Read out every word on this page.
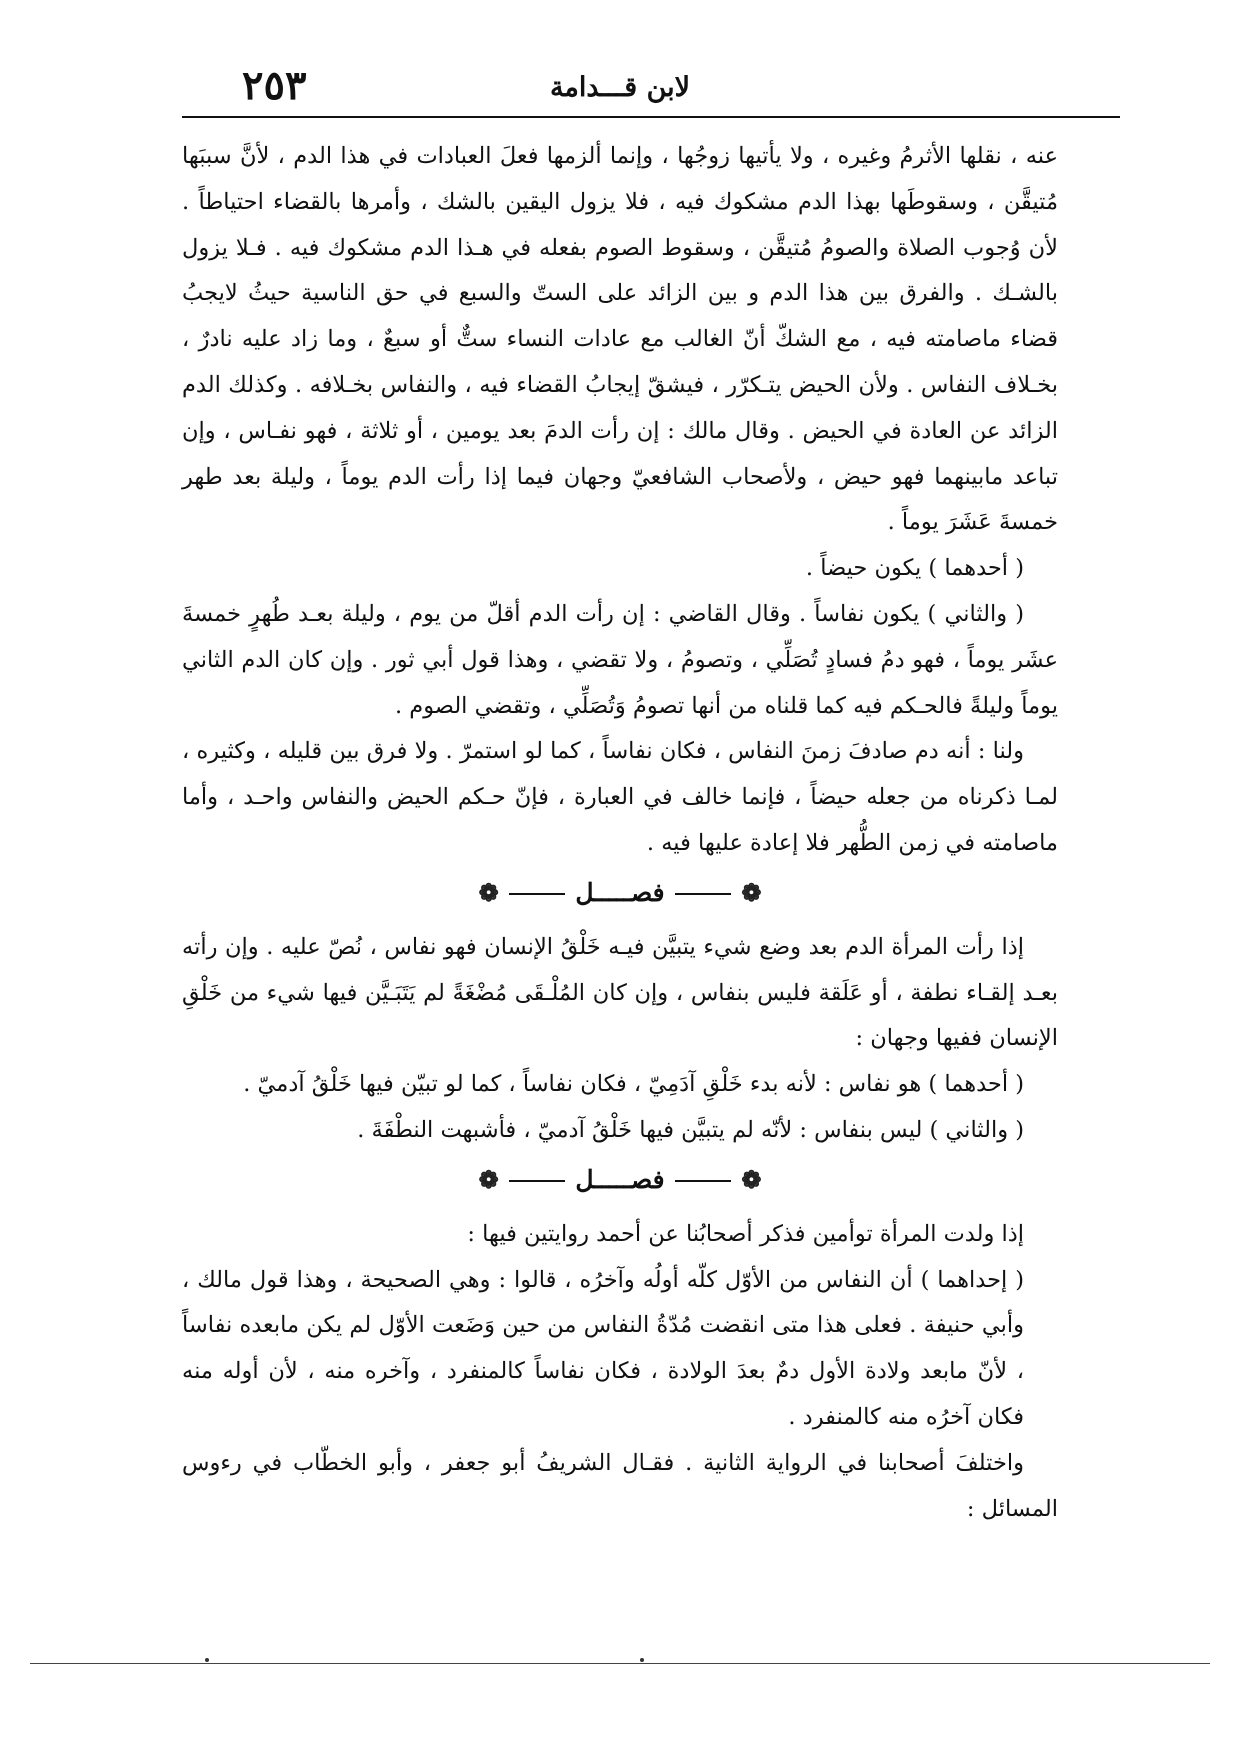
لابن قـــدامة
٢٥٣

عنه ، نقلها الأثرمُ وغيره ، ولا يأتيها زوجُها ، وإنما ألزمها فعلَ العبادات في هذا الدم ، لأنَّ سببَها مُتيقَّن ، وسقوطَها بهذا الدم مشكوك فيه ، فلا يزول اليقين بالشك ، وأمرها بالقضاء احتياطاً . لأن وُجوب الصلاة والصومُ مُتيقَّن ، وسقوط الصوم بفعله في هـذا الدم مشكوك فيه . فـلا يزول بالشـك . والفرق بين هذا الدم و بين الزائد على الستّ والسبع في حق الناسية حيثُ لايجبُ قضاء ماصامته فيه ، مع الشكّ أنّ الغالب مع عادات النساء ستٌّ أو سبعٌ ، وما زاد عليه نادرٌ ، بخـلاف النفاس . ولأن الحيض يتـكرّر ، فيشقّ إيجابُ القضاء فيه ، والنفاس بخـلافه . وكذلك الدم الزائد عن العادة في الحيض . وقال مالك : إن رأت الدمَ بعد يومين ، أو ثلاثة ، فهو نفـاس ، وإن تباعد مابينهما فهو حيض ، ولأصحاب الشافعيّ وجهان فيما إذا رأت الدم يوماً ، وليلة بعد طهر خمسةَ عَشَرَ يوماً .

( أحدهما ) يكون حيضاً .

( والثاني ) يكون نفاساً . وقال القاضي : إن رأت الدم أقلّ من يوم ، وليلة بعـد طُهرٍ خمسةَ عشَر يوماً ، فهو دمُ فسادٍ تُصَلِّي ، وتصومُ ، ولا تقضي ، وهذا قول أبي ثور . وإن كان الدم الثاني يوماً وليلةً فالحـكم فيه كما قلناه من أنها تصومُ وَتُصَلِّي ، وتقضي الصوم .

ولنا : أنه دم صادفَ زمنَ النفاس ، فكان نفاساً ، كما لو استمرّ . ولا فرق بين قليله ، وكثيره ، لمـا ذكرناه من جعله حيضاً ، فإنما خالف في العبارة ، فإنّ حـكم الحيض والنفاس واحـد ، وأما ماصامته في زمن الطُّهر فلا إعادة عليها فيه .

❁ فصـــــل ❁

إذا رأت المرأة الدم بعد وضع شيء يتبيَّن فيـه خَلْقُ الإنسان فهو نفاس ، نُصّ عليه . وإن رأته بعـد إلقـاء نطفة ، أو عَلَقة فليس بنفاس ، وإن كان المُلْـقَى مُضْغَةً لم يَتَبَـيَّن فيها شيء من خَلْقِ الإنسان ففيها وجهان :

( أحدهما ) هو نفاس : لأنه بدء خَلْقِ آدَمِيّ ، فكان نفاساً ، كما لو تبيّن فيها خَلْقُ آدميّ .

( والثاني ) ليس بنفاس : لأنّه لم يتبيَّن فيها خَلْقُ آدميّ ، فأشبهت النطْفَةَ .

❁ فصـــــل ❁

إذا ولدت المرأة توأمين فذكر أصحابُنا عن أحمد روايتين فيها :

( إحداهما ) أن النفاس من الأوّل كلّه أولُه وآخرُه ، قالوا : وهي الصحيحة ، وهذا قول مالك ، وأبي حنيفة . فعلى هذا متى انقضت مُدّةُ النفاس من حين وَضَعت الأوّل لم يكن مابعده نفاساً ، لأنّ مابعد ولادة الأول دمٌ بعدَ الولادة ، فكان نفاساً كالمنفرد ، وآخره منه ، لأن أوله منه فكان آخرُه منه كالمنفرد .

واختلفَ أصحابنا في الرواية الثانية . فقـال الشريفُ أبو جعفر ، وأبو الخطّاب في رءوس المسائل :
